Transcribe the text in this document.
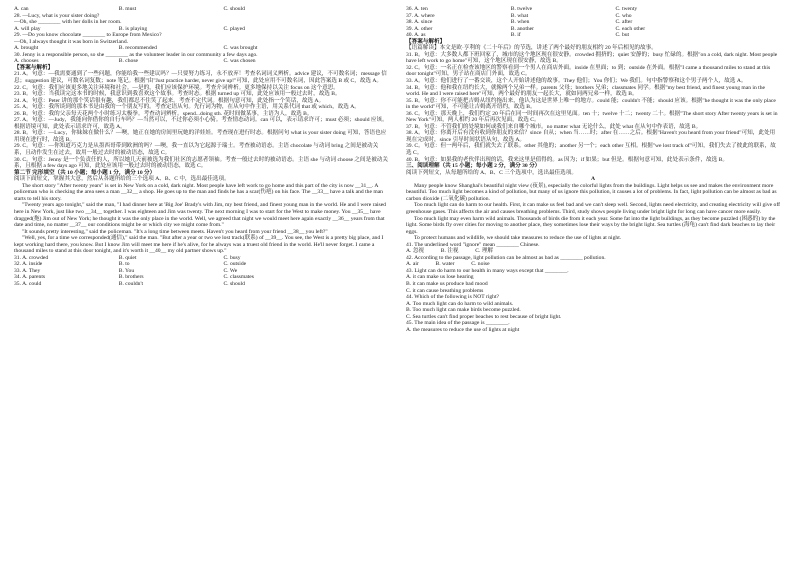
A. can	B. must	C. should

28. —Lucy, what is your sister doing?

—Oh, she ________ with her dolls in her room.

A. will play	B. is playing	C. played

29. —Do you know chocolate ________ to Europe from Mexico?

—Oh, I always thought it was born in Switzerland.

A. brought	B. recommended	C. was brought

30. Jenny is a responsible person, so she ________ as the volunteer leader in our community a few days ago.

A. chooses	B. chose	C. was chosen

【答案与解析】

21. A。句意：—我需要通到了一些问题，你能给我一些建议吗？—只要努力练习，永不放弃！考查名词词义辨析。advice 建议，不可数名词；message 信息；suggestion 建议，可数名词复数；note 笔记。根据"由"Just practice harder, never give up!"可知，此处应用不可数名词，因此答案选 B 或 C，故选 A。

22. C。句意：我们应该更多地关注环境和社会。—是的，我们应该保护环境。考查介词辨析。更多地保持以关注 focus on 这个意思。

23. B。句意：当我读完这本书的时候，我意识到我喜欢这个故事。考查时态。根据 turned up 可知，此处应该用一般过去时，故选 B。

24. A。句意：Peter 讲的那个笑话很有趣，我们都忍不住笑了起来。考查不定代词。根据句意可知，此处指一个笑话，故选 A。

25. A。句意：我所谈到的那本书是由我的一个朋友写的。考查定语从句。先行词为物，在从句中作主语，用关系代词 that 或 which，故选 A。

26. B。句意：我的父亲每天花两个小时练习太极拳。考查动词辨析。spend...doing sth. 花时间做某事，主语为人，故选 B。

27. A。句意：—Judy，我能向你借你的自行车吗？—当然可以，不过你必须小心骑。考查情态动词。can 可以，表示请求许可；must 必须；should 应该。根据语境可知，此处表示请求许可，故选 A。

28. B。句意：—Lucy，你妹妹在做什么？—噢，她正在她的房间里玩她的洋娃娃。考查现在进行时态。根据问句 what is your sister doing 可知，答语也应用现在进行时，故选 B。

29. C。句意：—你知道巧克力是从墨西哥带到欧洲的吗？—噢，我一直以为它起源于瑞士。考查被动语态。主语 chocolate 与动词 bring 之间是被动关系，且动作发生在过去，故用一般过去时的被动语态，故选 C。

30. C。句意：Jenny 是一个负责任的人，所以她几天前被选为我们社区的志愿者领袖。考查一般过去时的被动语态。主语 she 与动词 choose 之间是被动关系，且根据 a few days ago 可知，此处应该用一般过去时的被动语态，故选 C。

第二节 完形填空（共 10 小题；每小题 1 分，满分 10 分）

阅读下面短文，掌握其大意，然后从各题所给的三个选项 A、B、C 中，选出最佳选项。

The short story "After twenty years" is set in New York on a cold, dark night. Most people have left work to go home and this part of the city is now __31__. A policeman who is checking the area sees a man __32__ a shop. He goes up to the man and finds he has a scar(伤疤) on his face. The __33__ have a talk and the man starts to tell his story.

"Twenty years ago tonight," said the man, "I had dinner here at 'Big Joe' Brady's with Jim, my best friend, and finest young man in the world. He and I were raised here in New York, just like two __34__ together. I was eighteen and Jim was twenty. The next morning I was to start for the West to make money. You __35__ have dragged(拖) Jim out of New York; he thought it was the only place in the world. Well, we agreed that night we would meet here again exactly __36__ years from that date and time, no matter __37__ our conditions might be or which city we might come from."

"It sounds pretty interesting," said the policeman. "It's a long time between meets. Haven't you heard from your friend __38__ you left?"

"Well, yes, for a time we corresponded(通信)," said the man. "But after a year or two we lost track(联系) of __39__. You see, the West is a pretty big place, and I kept working hard there, you know. But I know Jim will meet me here if he's alive, for he always was a truest old friend in the world. He'll never forget. I came a thousand miles to stand at this door tonight, and it's worth it __40__ my old partner shows up."

31. A. crowded	B. quiet	C. busy
32. A. inside	B. to	C. outside
33. A. They	B. You	C. We
34. A. parents	B. brothers	C. classmates
35. A. could	B. couldn't	C. should
36. A. ten	B. twelve	C. twenty
37. A. where	B. what	C. who
38. A. since	B. when	C. after
39. A. other	B. another	C. each other
40. A. as	B. if	C. but

【答案与解析】

【语篇解读】本文是欧·亨利的《二十年后》的节选，讲述了两个最好的朋友相约 20 年后相见的故事。

31. B。句意：大多数人都下班回家了，城市的这个地区现在很安静。crowded 拥挤的；quiet 安静的；busy 忙碌的。根据"on a cold, dark night. Most people have left work to go home"可知，这个地区现在很安静，故选 B。

32. C。句意：一名正在检查该地区的警察看到一个男人在商店外面。inside 在里面；to 到；outside 在外面。根据"I came a thousand miles to stand at this door tonight"可知，男子站在商店门外面，故选 C。

33. A。句意：他们进行了一番交谈，这个人开始讲述他的故事。They 他们；You 你们；We 我们。句中指警察和这个男子两个人，故选 A。

34. B。句意：他和我在纽约长大，就像两个兄弟一样。parents 父母；brothers 兄弟；classmates 同学。根据"my best friend, and finest young man in the world. He and I were raised here"可知，两个最好的朋友一起长大，就如同两兄弟一样，故选 B。

35. B。句意：你不可能把吉姆从纽约拖出来，他认为这是世界上唯一的地方。could 能；couldn't 不能；should 应该。根据"he thought it was the only place in the world"可知，不可能让吉姆离开纽约，故选 B。

36. C。句意：那天晚上，我们约定 20 年后在同一时间再次在这里见面。ten 十；twelve 十二；twenty 二十。根据"The short story After twenty years is set in New York"可知，两人相约 20 年后再次见面，故选 C。

37. B。句意：不管我们的处境如何或我们来自哪个城市。no matter what 无论什么，此处 what 在从句中作表语，故选 B。

38. A。句意：你离开后有没有收到你朋友的来信？since 自从；when 当……时；after 在……之后。根据"Haven't you heard from your friend"可知，此处用现在完成时，since 引导时间状语从句，故选 A。

39. C。句意：但一两年后，我们就失去了联系。other 其他的；another 另一个；each other 互相。根据"we lost track of"可知，我们失去了彼此的联系，故选 C。

40. B。句意：如果我的老伙伴出现的话，我来这里是值得的。as 因为；if 如果；but 但是。根据句意可知，此处表示条件，故选 B。

三、阅读理解（共 15 小题；每小题 2 分，满分 30 分）

阅读下列短文，从每题所给的 A、B、C 三个选项中，选出最佳选项。

A

Many people know Shanghai's beautiful night view (夜景), especially the colorful lights from the buildings. Light helps us see and makes the environment more beautiful. Too much light becomes a kind of pollution, but many of us ignore this pollution, it causes a lot of problems. In fact, light pollution can be almost as bad as carbon dioxide (二氧化碳) pollution.

Too much light can do harm to our health. First, it can make us feel bad and we can't sleep well. Second, lights need electricity, and creating electricity will give off greenhouse gases. This affects the air and causes breathing problems. Third, study shows people living under bright light for long can have cancer more easily.

Too much light may even harm wild animals. Thousands of birds die from it each year. Some fat into the light buildings, as they become puzzled (困惑的) by the light. Some birds fly over cities for moving to another place, they sometimes lose their ways by the bright light. Sea turtles (海龟) can't find dark beaches to lay their eggs.

To protect humans and wildlife, we should take measures to reduce the use of lights at night.

41. The underlined word "ignore" mean ________ Chinese.

A. 忽视　　　B. 注视　　　C. 理解

42. According to the passage, light pollution can be almost as bad as ________ pollution.

A. air　　　B. water　　　C. noise

43. Light can do harm to our health in many ways except that ________.

A. it can make us lose hearing

B. it can make us produce bad mood

C. it can cause breathing problems

44. Which of the following is NOT right?

A. Too much light can do harm to wild animals.

B. Too much light can make birds become puzzled.

C. Sea turtles can't find proper beaches to rest because of bright light.

45. The main idea of the passage is ________.

A. the measures to reduce the use of lights at night
